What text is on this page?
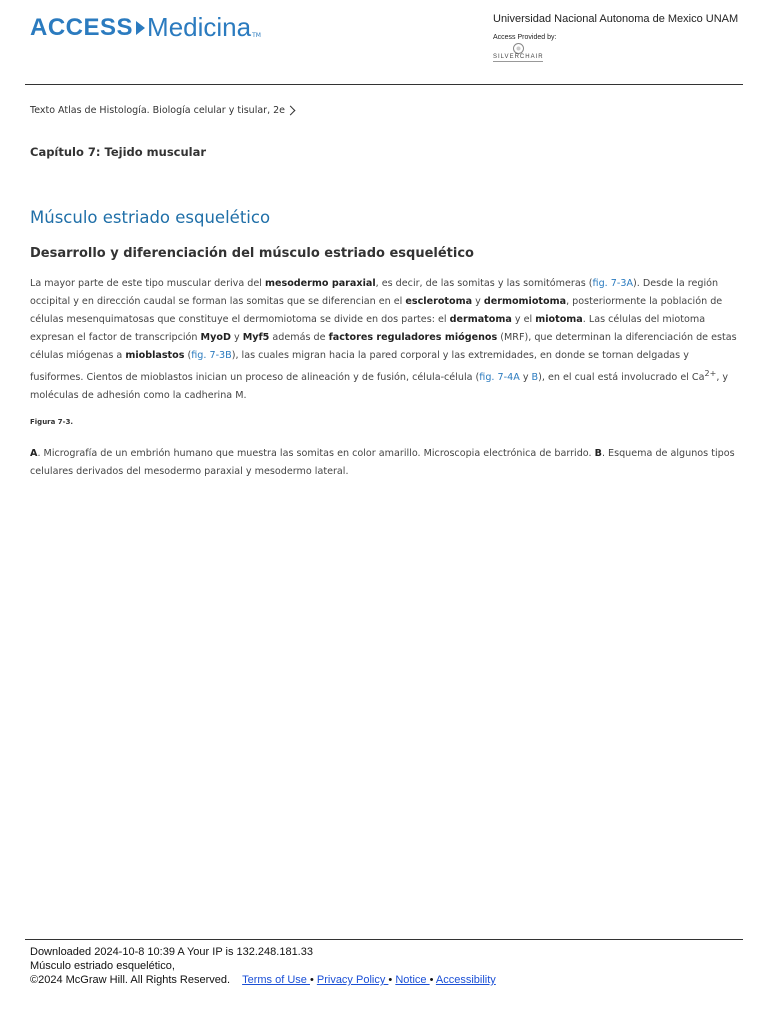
ACCESS Medicina TM
Universidad Nacional Autonoma de Mexico UNAM
Access Provided by:
SILVERCHAIR
Texto Atlas de Histología. Biología celular y tisular, 2e
Capítulo 7: Tejido muscular
Músculo estriado esquelético
Desarrollo y diferenciación del músculo estriado esquelético
La mayor parte de este tipo muscular deriva del mesodermo paraxial, es decir, de las somitas y las somitómeras (fig. 7-3A). Desde la región occipital y en dirección caudal se forman las somitas que se diferencian en el esclerotoma y dermomiotoma, posteriormente la población de células mesenquimatosas que constituye el dermomiotoma se divide en dos partes: el dermatoma y el miotoma. Las células del miotoma expresan el factor de transcripción MyoD y Myf5 además de factores reguladores miógenos (MRF), que determinan la diferenciación de estas células miógenas a mioblastos (fig. 7-3B), las cuales migran hacia la pared corporal y las extremidades, en donde se tornan delgadas y fusiformes. Cientos de mioblastos inician un proceso de alineación y de fusión, célula-célula (fig. 7-4A y B), en el cual está involucrado el $Ca^{2+}$, y moléculas de adhesión como la cadherina M.
Figura 7-3.
A. Micrografía de un embrión humano que muestra las somitas en color amarillo. Microscopia electrónica de barrido. B. Esquema de algunos tipos celulares derivados del mesodermo paraxial y mesodermo lateral.
Downloaded 2024-10-8 10:39 A Your IP is 132.248.181.33
Músculo estriado esquelético,
©2024 McGraw Hill. All Rights Reserved. Terms of Use • Privacy Policy • Notice • Accessibility
